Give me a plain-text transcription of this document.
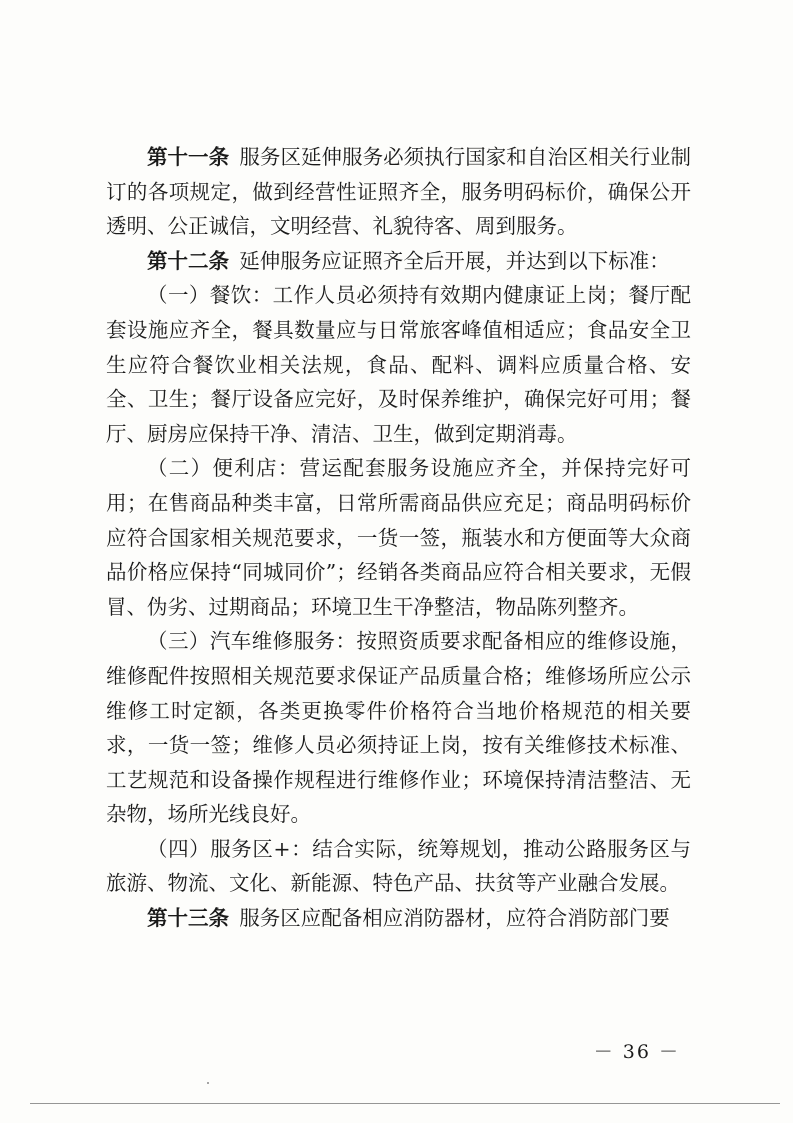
第十一条  服务区延伸服务必须执行国家和自治区相关行业制订的各项规定，做到经营性证照齐全，服务明码标价，确保公开透明、公正诚信，文明经营、礼貌待客、周到服务。

第十二条  延伸服务应证照齐全后开展，并达到以下标准：

（一）餐饮：工作人员必须持有效期内健康证上岗；餐厅配套设施应齐全，餐具数量应与日常旅客峰值相适应；食品安全卫生应符合餐饮业相关法规，食品、配料、调料应质量合格、安全、卫生；餐厅设备应完好，及时保养维护，确保完好可用；餐厅、厨房应保持干净、清洁、卫生，做到定期消毒。

（二）便利店：营运配套服务设施应齐全，并保持完好可用；在售商品种类丰富，日常所需商品供应充足；商品明码标价应符合国家相关规范要求，一货一签，瓶装水和方便面等大众商品价格应保持“同城同价”；经销各类商品应符合相关要求，无假冒、伪劣、过期商品；环境卫生干净整洁，物品陈列整齐。

（三）汽车维修服务：按照资质要求配备相应的维修设施，维修配件按照相关规范要求保证产品质量合格；维修场所应公示维修工时定额，各类更换零件价格符合当地价格规范的相关要求，一货一签；维修人员必须持证上岗，按有关维修技术标准、工艺规范和设备操作规程进行维修作业；环境保持清洁整洁、无杂物，场所光线良好。

（四）服务区+：结合实际，统筹规划，推动公路服务区与旅游、物流、文化、新能源、特色产品、扶贫等产业融合发展。

第十三条  服务区应配备相应消防器材，应符合消防部门要

－ 36 －
